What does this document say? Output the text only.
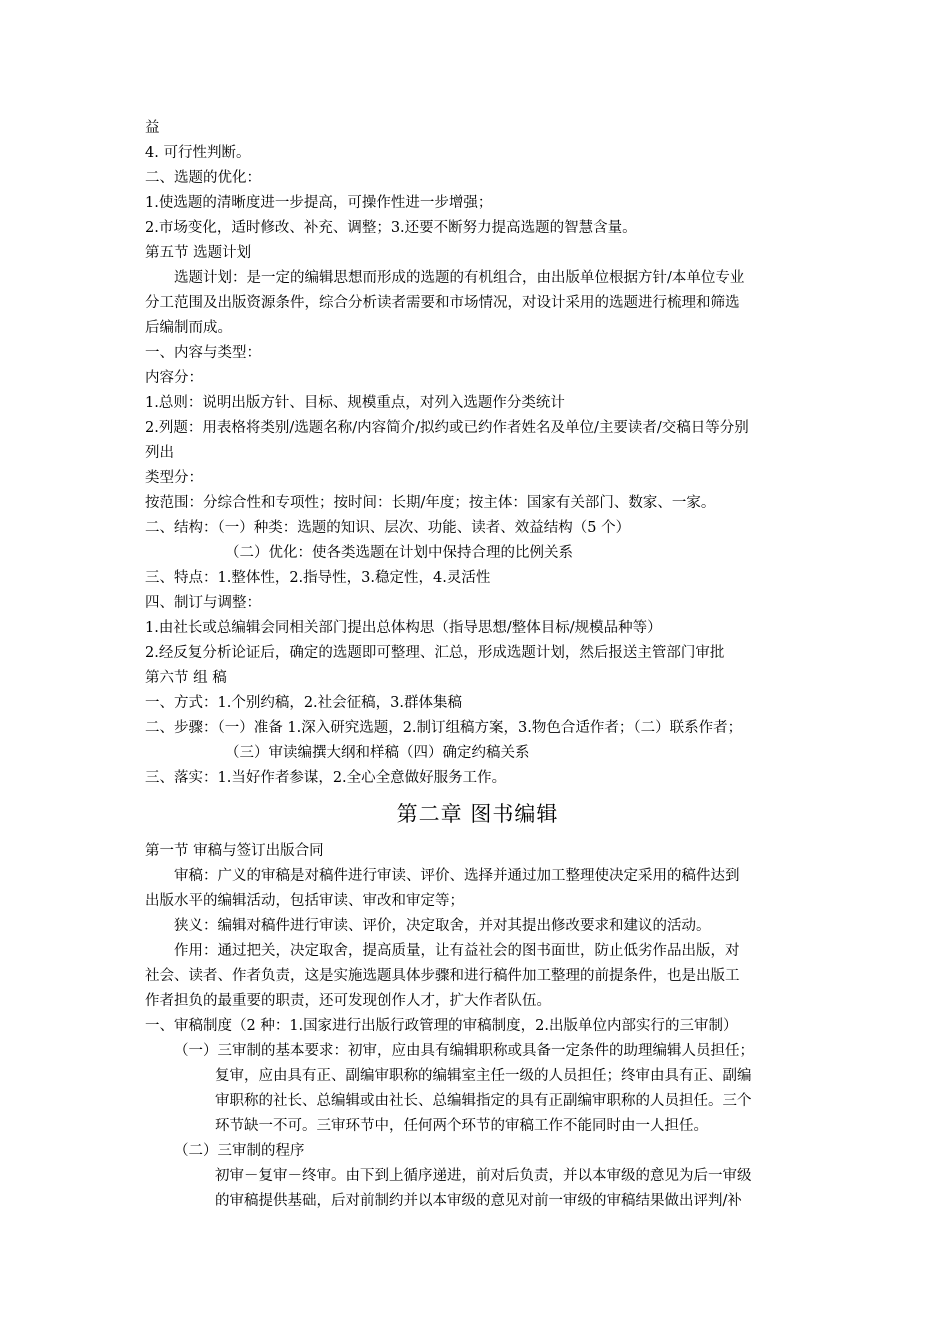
益
4. 可行性判断。
二、选题的优化：
1.使选题的清晰度进一步提高，可操作性进一步增强；
2.市场变化，适时修改、补充、调整；3.还要不断努力提高选题的智慧含量。
第五节 选题计划
选题计划：是一定的编辑思想而形成的选题的有机组合，由出版单位根据方针/本单位专业
分工范围及出版资源条件，综合分析读者需要和市场情况，对设计采用的选题进行梳理和筛选
后编制而成。
一、内容与类型：
内容分：
1.总则：说明出版方针、目标、规模重点，对列入选题作分类统计
2.列题：用表格将类别/选题名称/内容简介/拟约或已约作者姓名及单位/主要读者/交稿日等分别
列出
类型分：
按范围：分综合性和专项性；按时间：长期/年度；按主体：国家有关部门、数家、一家。
二、结构：（一）种类：选题的知识、层次、功能、读者、效益结构（5 个）
（二）优化：使各类选题在计划中保持合理的比例关系
三、特点：1.整体性，2.指导性，3.稳定性，4.灵活性
四、制订与调整：
1.由社长或总编辑会同相关部门提出总体构思（指导思想/整体目标/规模品种等）
2.经反复分析论证后，确定的选题即可整理、汇总，形成选题计划，然后报送主管部门审批
第六节 组 稿
一、方式：1.个别约稿，2.社会征稿，3.群体集稿
二、步骤：（一）准备 1.深入研究选题，2.制订组稿方案，3.物色合适作者；（二）联系作者；
（三）审读编撰大纲和样稿（四）确定约稿关系
三、落实：1.当好作者参谋，2.全心全意做好服务工作。
第二章 图书编辑
第一节 审稿与签订出版合同
审稿：广义的审稿是对稿件进行审读、评价、选择并通过加工整理使决定采用的稿件达到
出版水平的编辑活动，包括审读、审改和审定等；
狭义：编辑对稿件进行审读、评价，决定取舍，并对其提出修改要求和建议的活动。
作用：通过把关，决定取舍，提高质量，让有益社会的图书面世，防止低劣作品出版，对
社会、读者、作者负责，这是实施选题具体步骤和进行稿件加工整理的前提条件，也是出版工
作者担负的最重要的职责，还可发现创作人才，扩大作者队伍。
一、审稿制度（2 种：1.国家进行出版行政管理的审稿制度，2.出版单位内部实行的三审制）
（一）三审制的基本要求：初审，应由具有编辑职称或具备一定条件的助理编辑人员担任；
复审，应由具有正、副编审职称的编辑室主任一级的人员担任；终审由具有正、副编
审职称的社长、总编辑或由社长、总编辑指定的具有正副编审职称的人员担任。三个
环节缺一不可。三审环节中，任何两个环节的审稿工作不能同时由一人担任。
（二）三审制的程序
初审－复审－终审。由下到上循序递进，前对后负责，并以本审级的意见为后一审级
的审稿提供基础，后对前制约并以本审级的意见对前一审级的审稿结果做出评判/补
